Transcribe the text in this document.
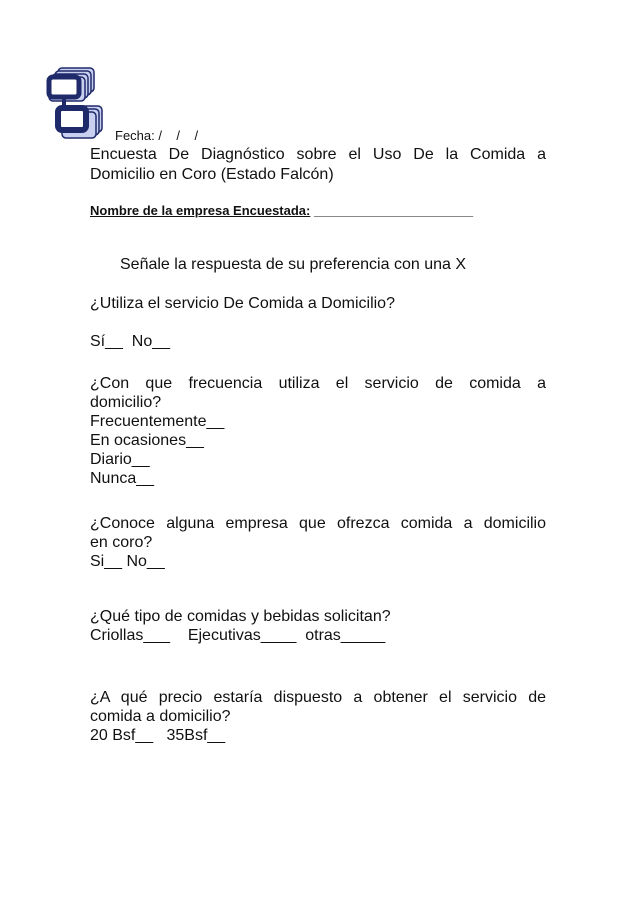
Fecha: /    /    /
Encuesta De Diagnóstico sobre el Uso De la Comida a
Domicilio en Coro (Estado Falcón)
Nombre de la empresa Encuestada: ______________________
Señale la respuesta de su preferencia con una X
¿Utiliza el servicio De Comida a Domicilio?
Sí__  No__
¿Con que frecuencia utiliza el servicio de comida a
domicilio?
Frecuentemente__
En ocasiones__
Diario__
Nunca__
¿Conoce alguna empresa que ofrezca comida a domicilio
en coro?
Si__ No__
¿Qué tipo de comidas y bebidas solicitan?
Criollas___    Ejecutivas____  otras_____
¿A qué precio estaría dispuesto a obtener el servicio de
comida a domicilio?
20 Bsf__   35Bsf__
